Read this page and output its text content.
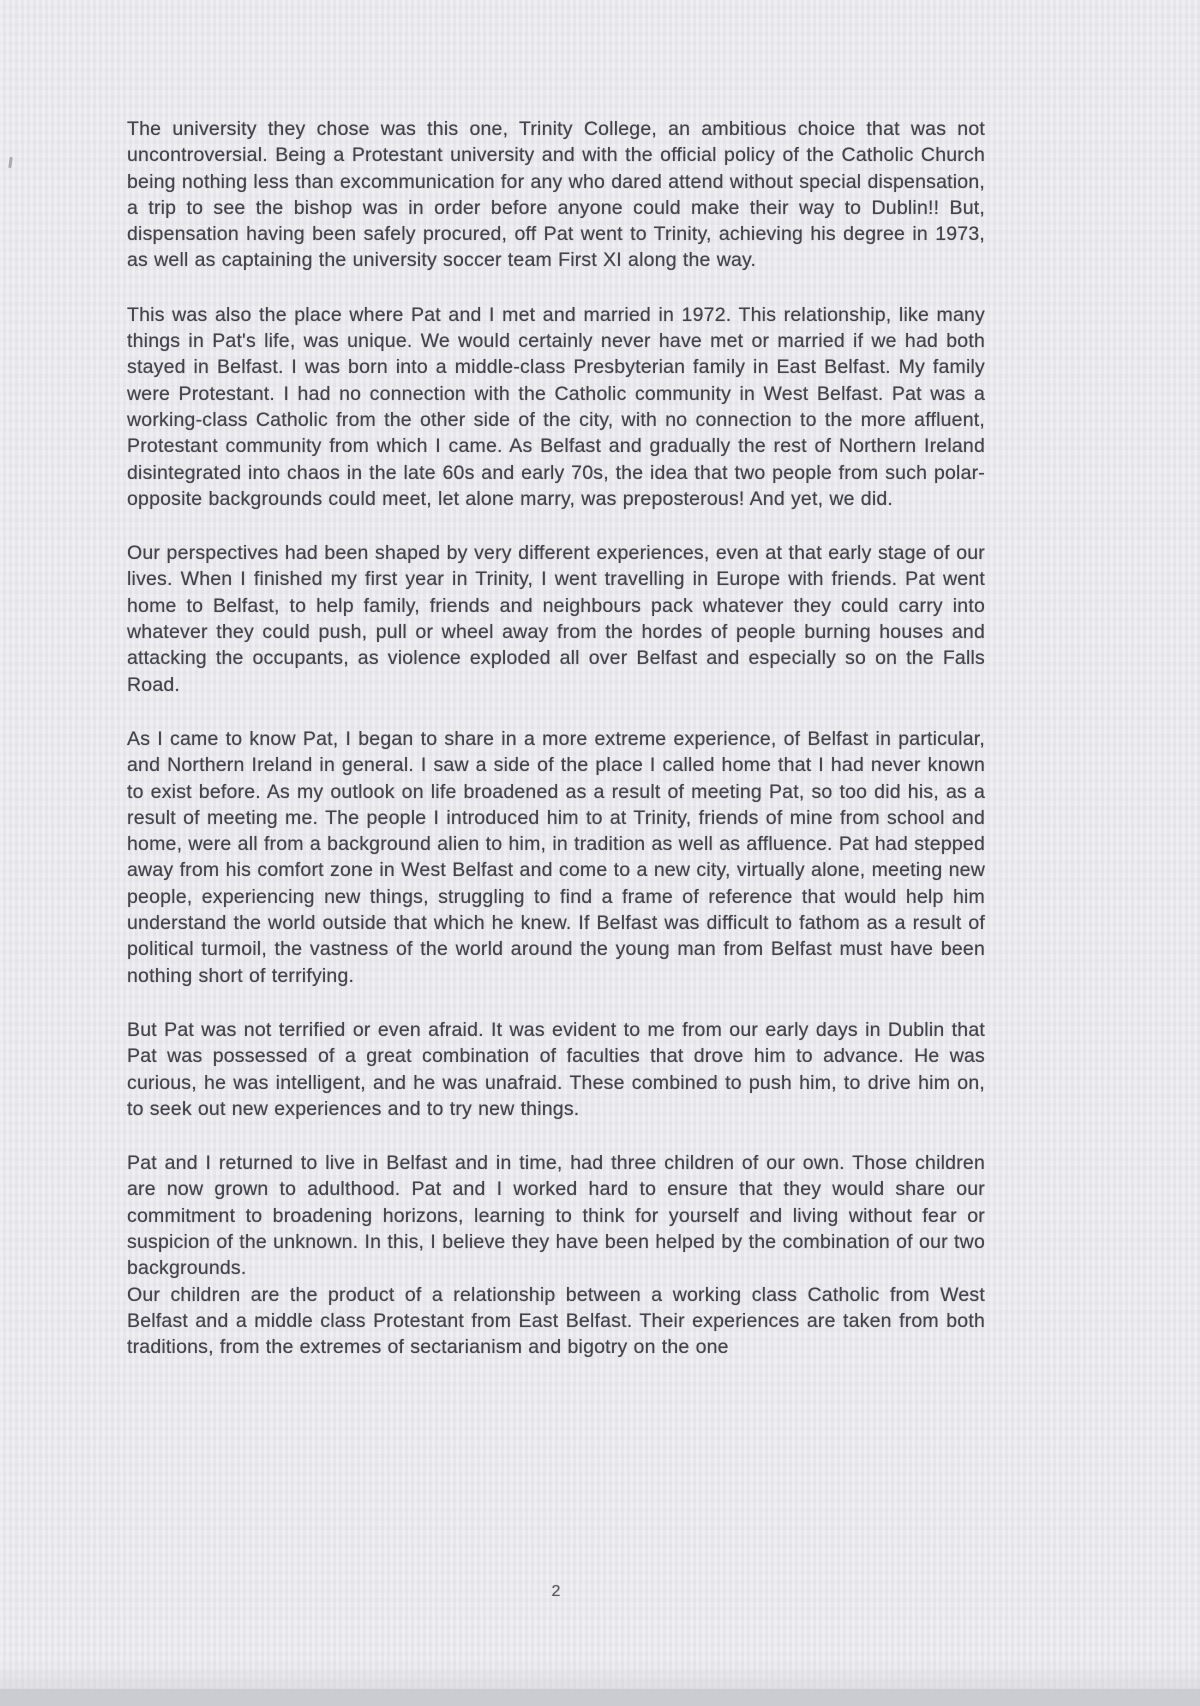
The university they chose was this one, Trinity College, an ambitious choice that was not uncontroversial. Being a Protestant university and with the official policy of the Catholic Church being nothing less than excommunication for any who dared attend without special dispensation, a trip to see the bishop was in order before anyone could make their way to Dublin!! But, dispensation having been safely procured, off Pat went to Trinity, achieving his degree in 1973, as well as captaining the university soccer team First XI along the way.

This was also the place where Pat and I met and married in 1972. This relationship, like many things in Pat's life, was unique. We would certainly never have met or married if we had both stayed in Belfast. I was born into a middle-class Presbyterian family in East Belfast. My family were Protestant. I had no connection with the Catholic community in West Belfast. Pat was a working-class Catholic from the other side of the city, with no connection to the more affluent, Protestant community from which I came. As Belfast and gradually the rest of Northern Ireland disintegrated into chaos in the late 60s and early 70s, the idea that two people from such polar-opposite backgrounds could meet, let alone marry, was preposterous! And yet, we did.

Our perspectives had been shaped by very different experiences, even at that early stage of our lives. When I finished my first year in Trinity, I went travelling in Europe with friends. Pat went home to Belfast, to help family, friends and neighbours pack whatever they could carry into whatever they could push, pull or wheel away from the hordes of people burning houses and attacking the occupants, as violence exploded all over Belfast and especially so on the Falls Road.

As I came to know Pat, I began to share in a more extreme experience, of Belfast in particular, and Northern Ireland in general. I saw a side of the place I called home that I had never known to exist before. As my outlook on life broadened as a result of meeting Pat, so too did his, as a result of meeting me. The people I introduced him to at Trinity, friends of mine from school and home, were all from a background alien to him, in tradition as well as affluence. Pat had stepped away from his comfort zone in West Belfast and come to a new city, virtually alone, meeting new people, experiencing new things, struggling to find a frame of reference that would help him understand the world outside that which he knew. If Belfast was difficult to fathom as a result of political turmoil, the vastness of the world around the young man from Belfast must have been nothing short of terrifying.

But Pat was not terrified or even afraid. It was evident to me from our early days in Dublin that Pat was possessed of a great combination of faculties that drove him to advance. He was curious, he was intelligent, and he was unafraid. These combined to push him, to drive him on, to seek out new experiences and to try new things.

Pat and I returned to live in Belfast and in time, had three children of our own. Those children are now grown to adulthood. Pat and I worked hard to ensure that they would share our commitment to broadening horizons, learning to think for yourself and living without fear or suspicion of the unknown. In this, I believe they have been helped by the combination of our two backgrounds.

Our children are the product of a relationship between a working class Catholic from West Belfast and a middle class Protestant from East Belfast. Their experiences are taken from both traditions, from the extremes of sectarianism and bigotry on the one

2
